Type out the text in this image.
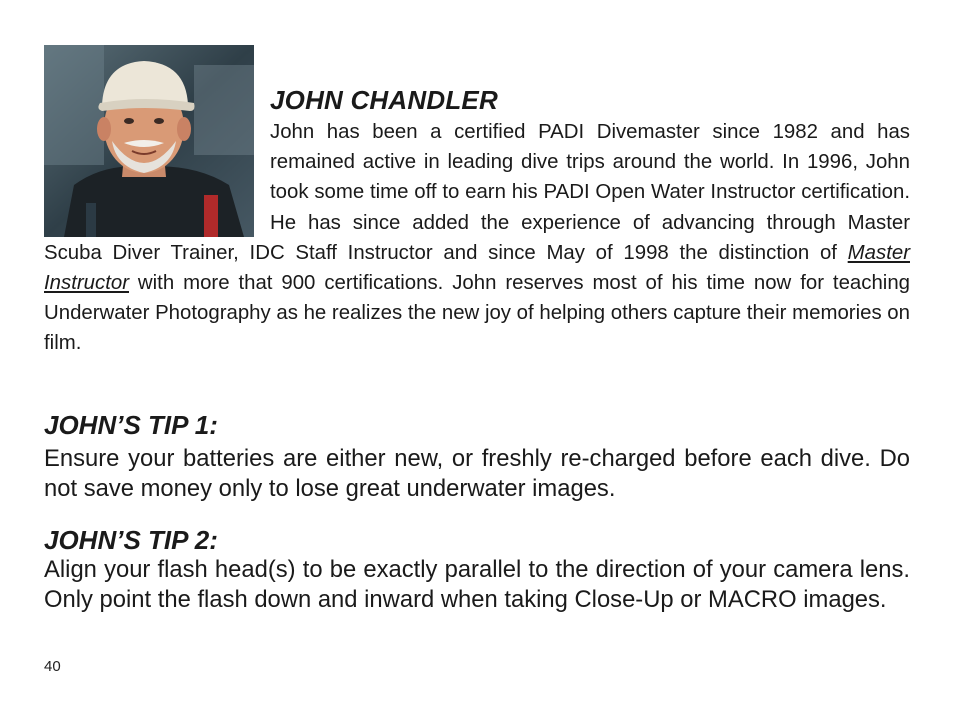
JOHN CHANDLER

John has been a certified PADI Divemaster since 1982 and has remained active in leading dive trips around the world. In 1996, John took some time off to earn his PADI Open Water Instructor certification. He has since added the experience of advancing through Master Scuba Diver Trainer, IDC Staff Instructor and since May of 1998 the distinction of Master Instructor with more that 900 certifications. John reserves most of his time now for teaching Underwater Photography as he realizes the new joy of helping others capture their memories on film.

JOHN’S TIP 1:

Ensure your batteries are either new, or freshly re-charged before each dive. Do not save money only to lose great underwater images.

JOHN’S TIP 2:

Align your flash head(s) to be exactly parallel to the direction of your camera lens. Only point the flash down and inward when taking Close-Up or MACRO images.

40
